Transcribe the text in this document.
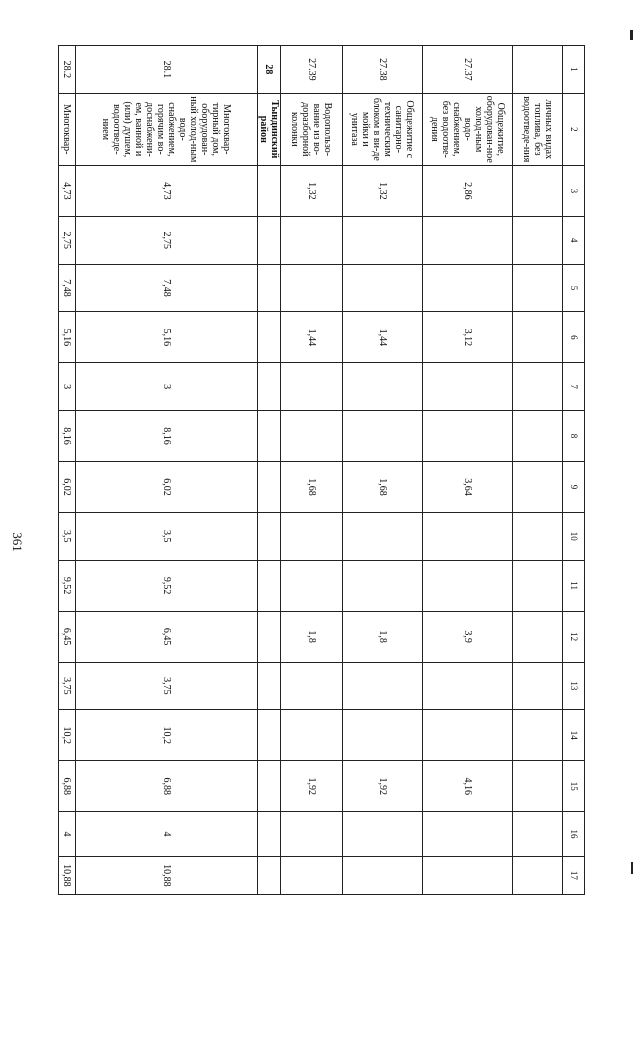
361
1	2	3	4	5	6	7	8	9	10	11	12	13	14	15	16	17
	личных видах топлива, без водоотведе-ния															
27.37	Общежитие, оборудован-ное холод-ным водо-снабжением, без водоотве-дения	2,86			3,12			3,64			3,9			4,16		
27.38	Общежитие с санитарно-техническим блоком в ви-де мойки и унитаза	1,32			1,44			1,68			1,8			1,92		
27.39	Водопользо-вание из во-доразборной колонки	1,32			1,44			1,68			1,8			1,92		
28	Тындинский район															
28.1	Многоквар-тирный дом, оборудован-ный холод-ным водо-снабжением, горячим во-доснабжени-ем, ванной и (или) душем, водоотведе-нием	4,73	2,75	7,48	5,16	3	8,16	6,02	3,5	9,52	6,45	3,75	10,2	6,88	4	10,88
28.2	Многоквар-	4,73	2,75	7,48	5,16	3	8,16	6,02	3,5	9,52	6,45	3,75	10,2	6,88	4	10,88
